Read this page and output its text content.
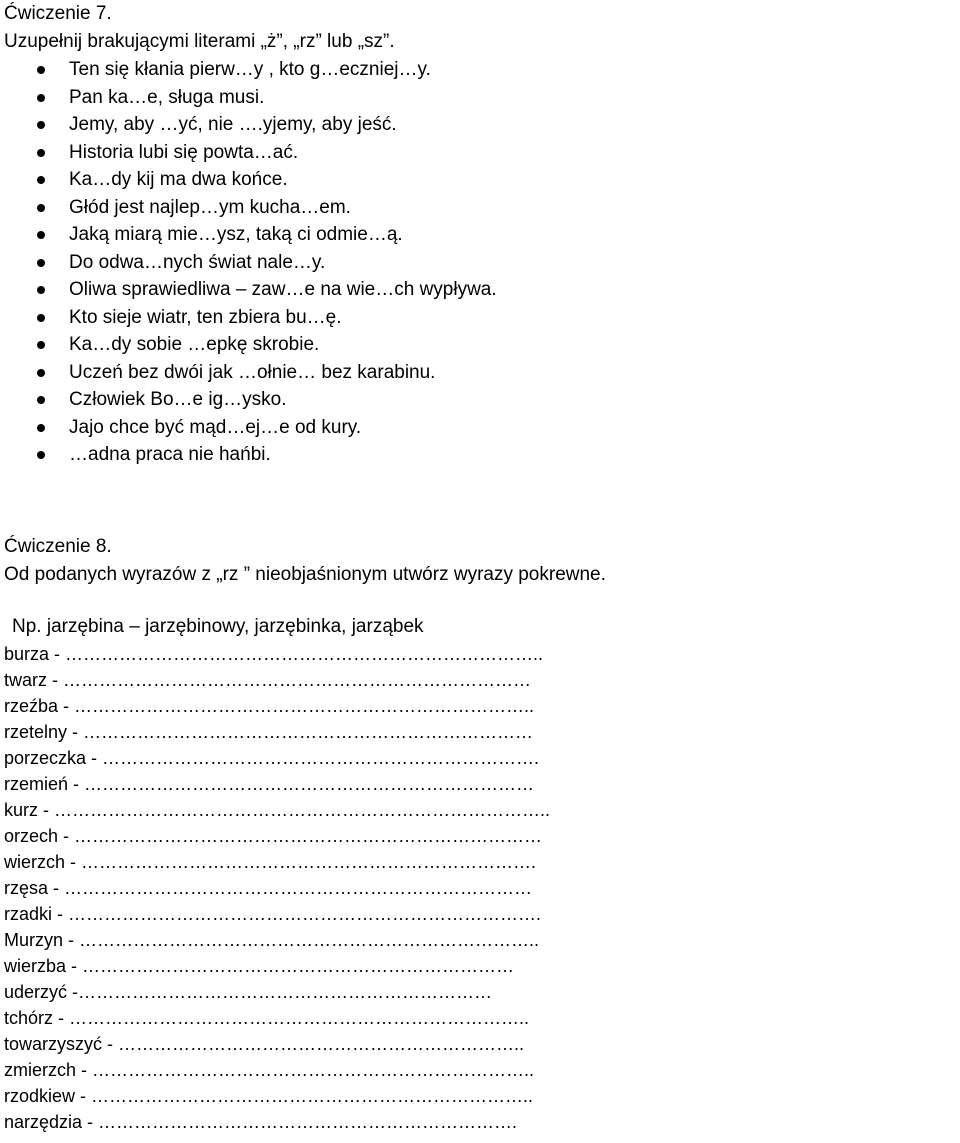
Ćwiczenie 7.
Uzupełnij brakującymi literami „ż”, „rz” lub „sz”.
Ten się kłania pierw…y , kto g…eczniej…y.
Pan ka…e, sługa musi.
Jemy, aby …yć, nie ….yjemy, aby jeść.
Historia lubi się powta…ać.
Ka…dy kij ma dwa końce.
Głód jest najlep…ym kucha…em.
Jaką miarą mie…ysz, taką ci odmie…ą.
Do odwa…nych świat nale…y.
Oliwa sprawiedliwa – zaw…e na wie…ch wypływa.
Kto sieje wiatr, ten zbiera bu…ę.
Ka…dy sobie …epkę skrobie.
Uczeń bez dwói jak …ołnie… bez karabinu.
Człowiek Bo…e ig…ysko.
Jajo chce być mąd…ej…e od kury.
…adna praca nie hańbi.
Ćwiczenie 8.
Od podanych wyrazów z „rz ” nieobjaśnionym utwórz wyrazy pokrewne.
Np. jarzębina – jarzębinowy, jarzębinka, jarząbek
burza - ……………………………………………………………………..
twarz - ……………………………………………………………………
rzeźba - …………………………………………………………………..
rzetelny - …………………………………………………………………
porzeczka - ……………………………………………………………….
rzemień - …………………………………………………………………
kurz - ………………………………………………………………………..
orzech - ……………………………………………………………………
wierzch - ………………………………………………………………….
rzęsa - ……………………………………………………………………
rzadki - …………………………………………………………………….
Murzyn - …………………………………………………………………..
wierzba - ………………………………………………………………
uderzyć -……………………………………………………………
tchórz - …………………………………………………………………..
towarzyszyć - …………………………………………………………..
zmierzch - ………………………………………………………………..
rzodkiew - ………………………………………………………………..
narzędzia - …………………………………………………………….
